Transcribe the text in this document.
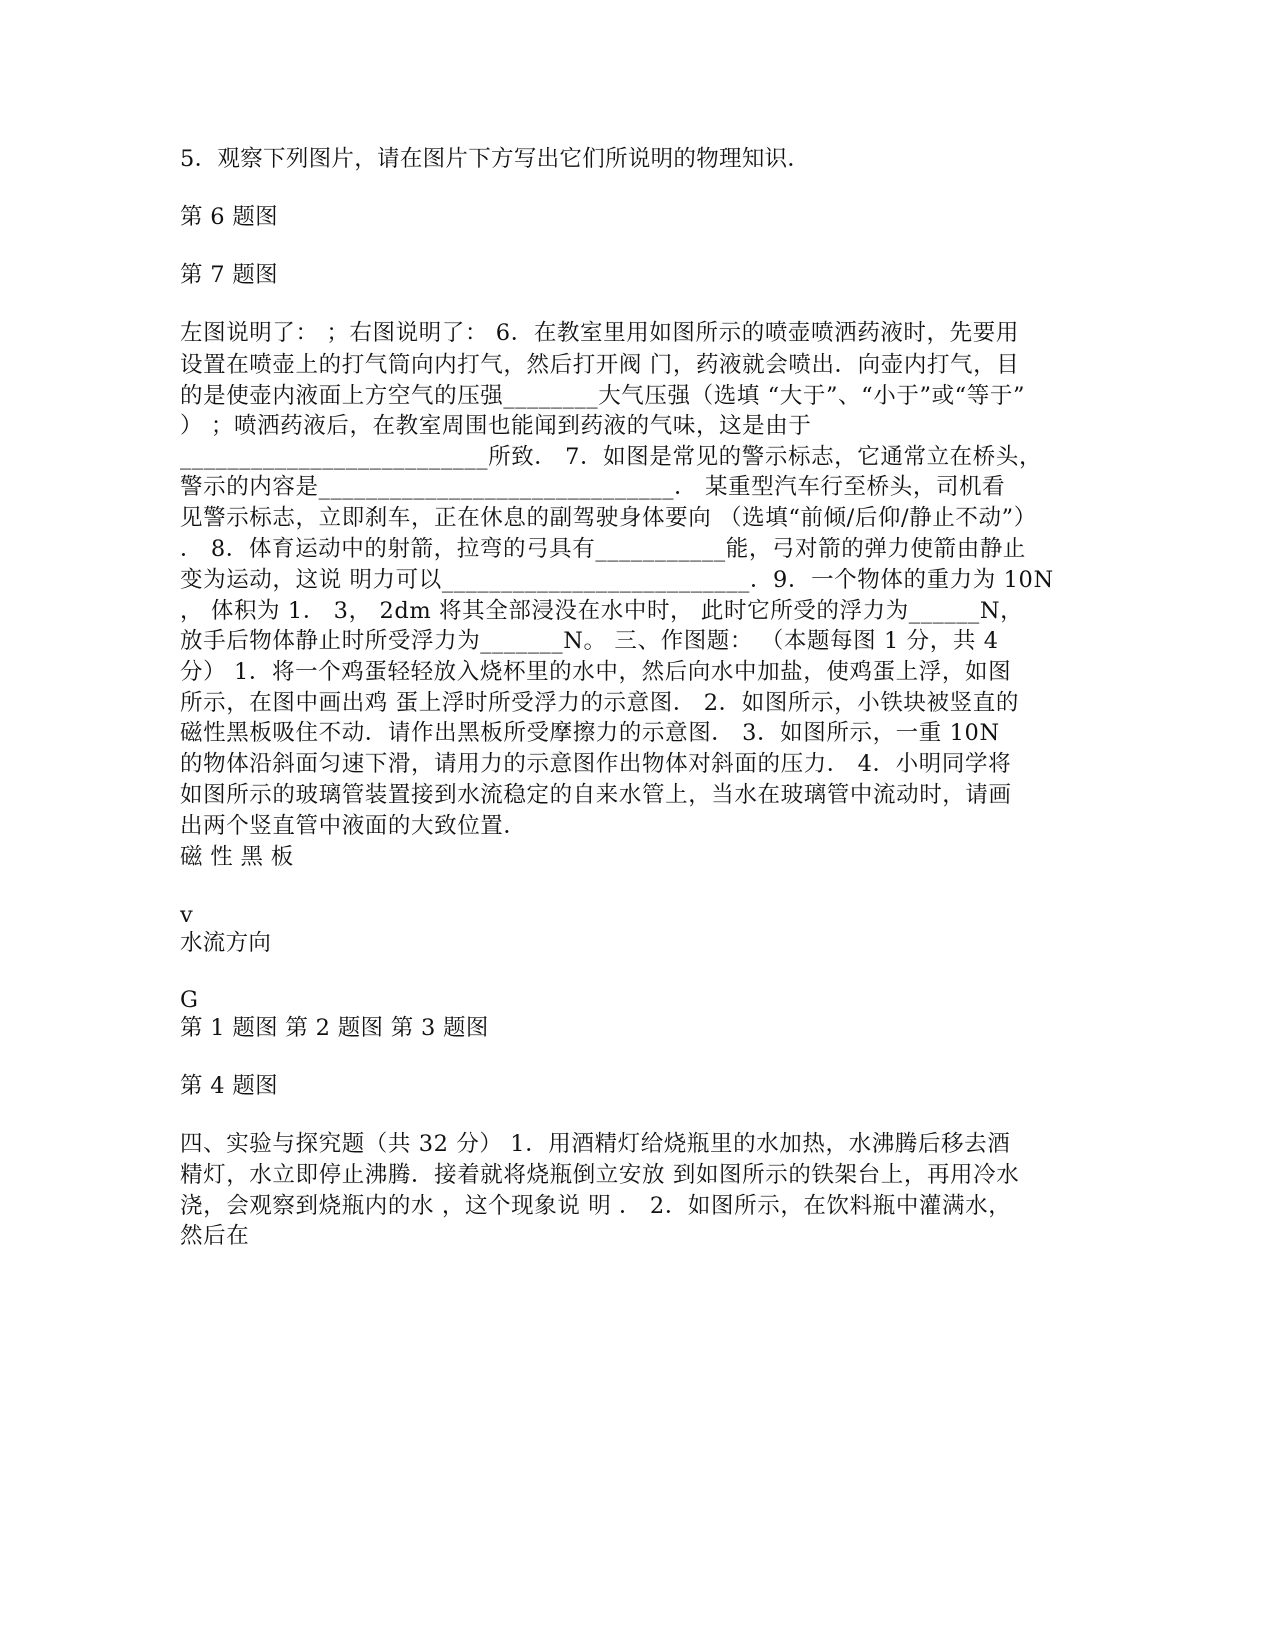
5．观察下列图片，请在图片下方写出它们所说明的物理知识．
第 6 题图
第 7 题图
左图说明了： ；右图说明了： 6．在教室里用如图所示的喷壶喷洒药液时，先要用
设置在喷壶上的打气筒向内打气，然后打开阀 门，药液就会喷出．向壶内打气，目
的是使壶内液面上方空气的压强________大气压强（选填 “大于”、“小于”或“等于”
） ；喷洒药液后，在教室周围也能闻到药液的气味，这是由于
__________________________所致． 7．如图是常见的警示标志，它通常立在桥头，
警示的内容是______________________________． 某重型汽车行至桥头，司机看
见警示标志，立即刹车，正在休息的副驾驶身体要向 （选填“前倾/后仰/静止不动”）
． 8．体育运动中的射箭，拉弯的弓具有___________能，弓对箭的弹力使箭由静止
变为运动，这说 明力可以__________________________．9．一个物体的重力为 10N
， 体积为 1． 3， 2dm 将其全部浸没在水中时， 此时它所受的浮力为______N，
放手后物体静止时所受浮力为_______N。 三、作图题： （本题每图 1 分，共 4
分） 1．将一个鸡蛋轻轻放入烧杯里的水中，然后向水中加盐，使鸡蛋上浮，如图
所示，在图中画出鸡 蛋上浮时所受浮力的示意图． 2．如图所示，小铁块被竖直的
磁性黑板吸住不动．请作出黑板所受摩擦力的示意图． 3．如图所示，一重 10N
的物体沿斜面匀速下滑，请用力的示意图作出物体对斜面的压力． 4．小明同学将
如图所示的玻璃管装置接到水流稳定的自来水管上，当水在玻璃管中流动时，请画
出两个竖直管中液面的大致位置．
磁 性 黑 板
v
水流方向
G
第 1 题图 第 2 题图 第 3 题图
第 4 题图
四、实验与探究题（共 32 分） 1．用酒精灯给烧瓶里的水加热，水沸腾后移去酒
精灯，水立即停止沸腾．接着就将烧瓶倒立安放 到如图所示的铁架台上，再用冷水
浇，会观察到烧瓶内的水 ，这个现象说 明 ． 2．如图所示，在饮料瓶中灌满水，
然后在
